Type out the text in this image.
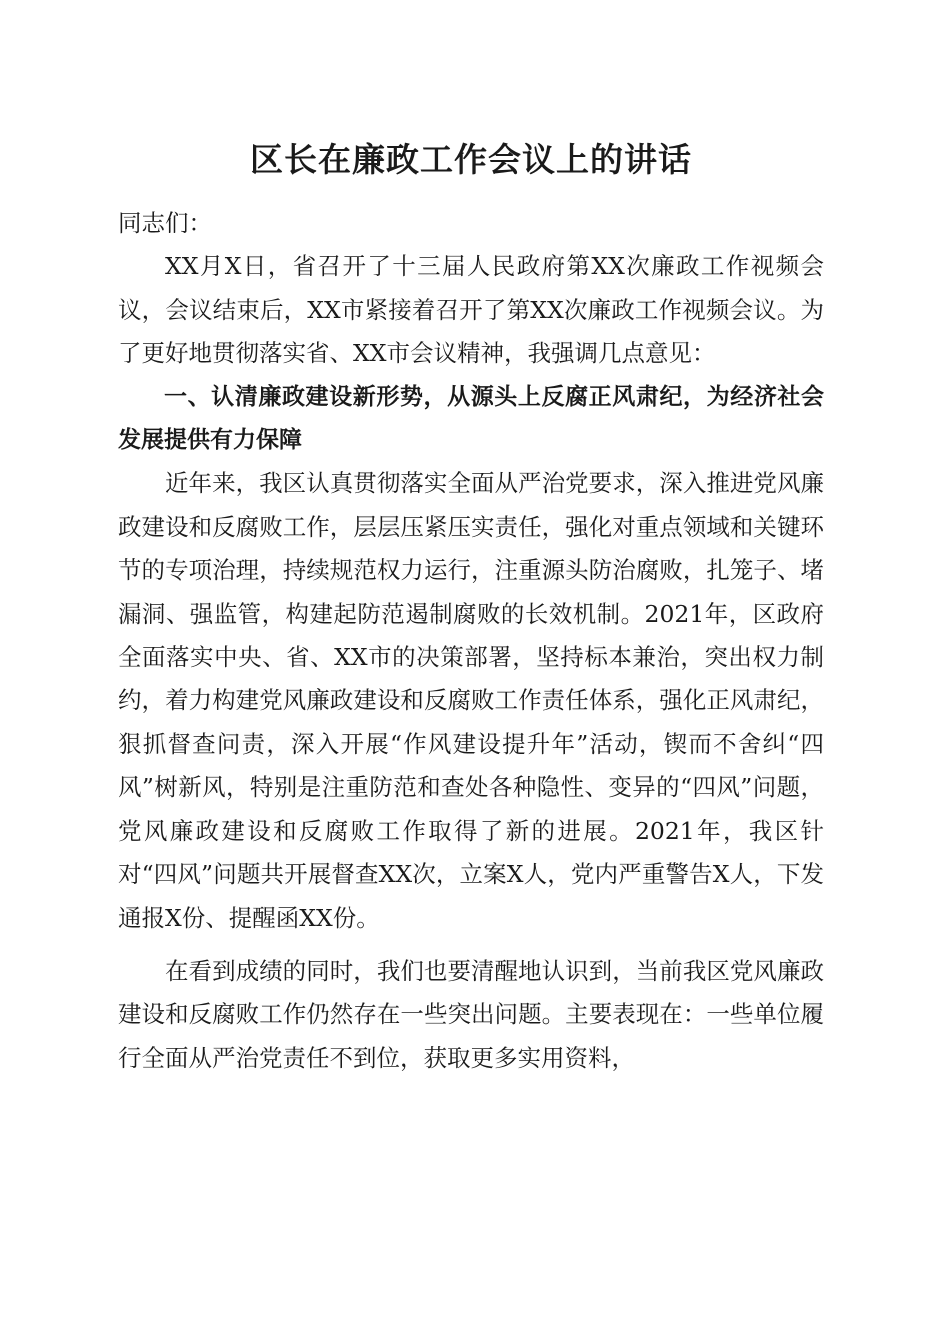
区长在廉政工作会议上的讲话

同志们：

XX月X日，省召开了十三届人民政府第XX次廉政工作视频会议，会议结束后，XX市紧接着召开了第XX次廉政工作视频会议。为了更好地贯彻落实省、XX市会议精神，我强调几点意见：

一、认清廉政建设新形势，从源头上反腐正风肃纪，为经济社会发展提供有力保障

近年来，我区认真贯彻落实全面从严治党要求，深入推进党风廉政建设和反腐败工作，层层压紧压实责任，强化对重点领域和关键环节的专项治理，持续规范权力运行，注重源头防治腐败，扎笼子、堵漏洞、强监管，构建起防范遏制腐败的长效机制。2021年，区政府全面落实中央、省、XX市的决策部署，坚持标本兼治，突出权力制约，着力构建党风廉政建设和反腐败工作责任体系，强化正风肃纪，狠抓督查问责，深入开展“作风建设提升年”活动，锲而不舍纠“四风”树新风，特别是注重防范和查处各种隐性、变异的“四风”问题，党风廉政建设和反腐败工作取得了新的进展。2021年，我区针对“四风”问题共开展督查XX次，立案X人，党内严重警告X人，下发通报X份、提醒函XX份。

在看到成绩的同时，我们也要清醒地认识到，当前我区党风廉政建设和反腐败工作仍然存在一些突出问题。主要表现在：一些单位履行全面从严治党责任不到位，获取更多实用资料，
